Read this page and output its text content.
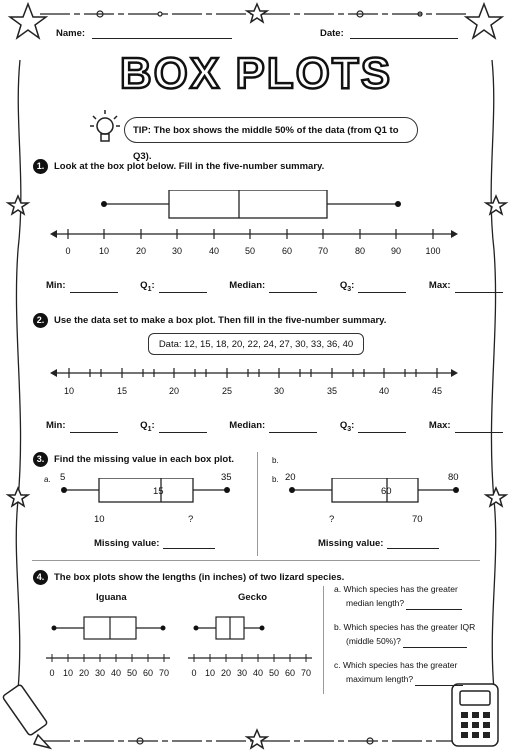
Name:	Date:
BOX PLOTS
TIP: The box shows the middle 50% of the data (from Q1 to Q3).
1.	Look at the box plot below. Fill in the five-number summary.
0	10	20	30	40	50	60	70	80	90	100
Min:	$Q_1$:	Median:	$Q_3$:	Max:
2.	Use the data set to make a box plot. Then fill in the five-number summary.
Data: 12, 15, 18, 20, 22, 24, 27, 30, 33, 36, 40
10	15	20	25	30	35	40	45
Min:	$Q_1$:	Median:	$Q_3$:	Max:
3.	Find the missing value in each box plot.	b.
a. 5	35
15
10	?
Missing value:
b. 20	80
60
?	70
Missing value:
4.	The box plots show the lengths (in inches) of two lizard species.
Iguana	Gecko
0 10 20 30 40 50 60 70	0 10 20 30 40 50 60 70
a. Which species has the greater
median length?
b. Which species has the greater IQR
(middle 50%)?
c. Which species has the greater
maximum length?
